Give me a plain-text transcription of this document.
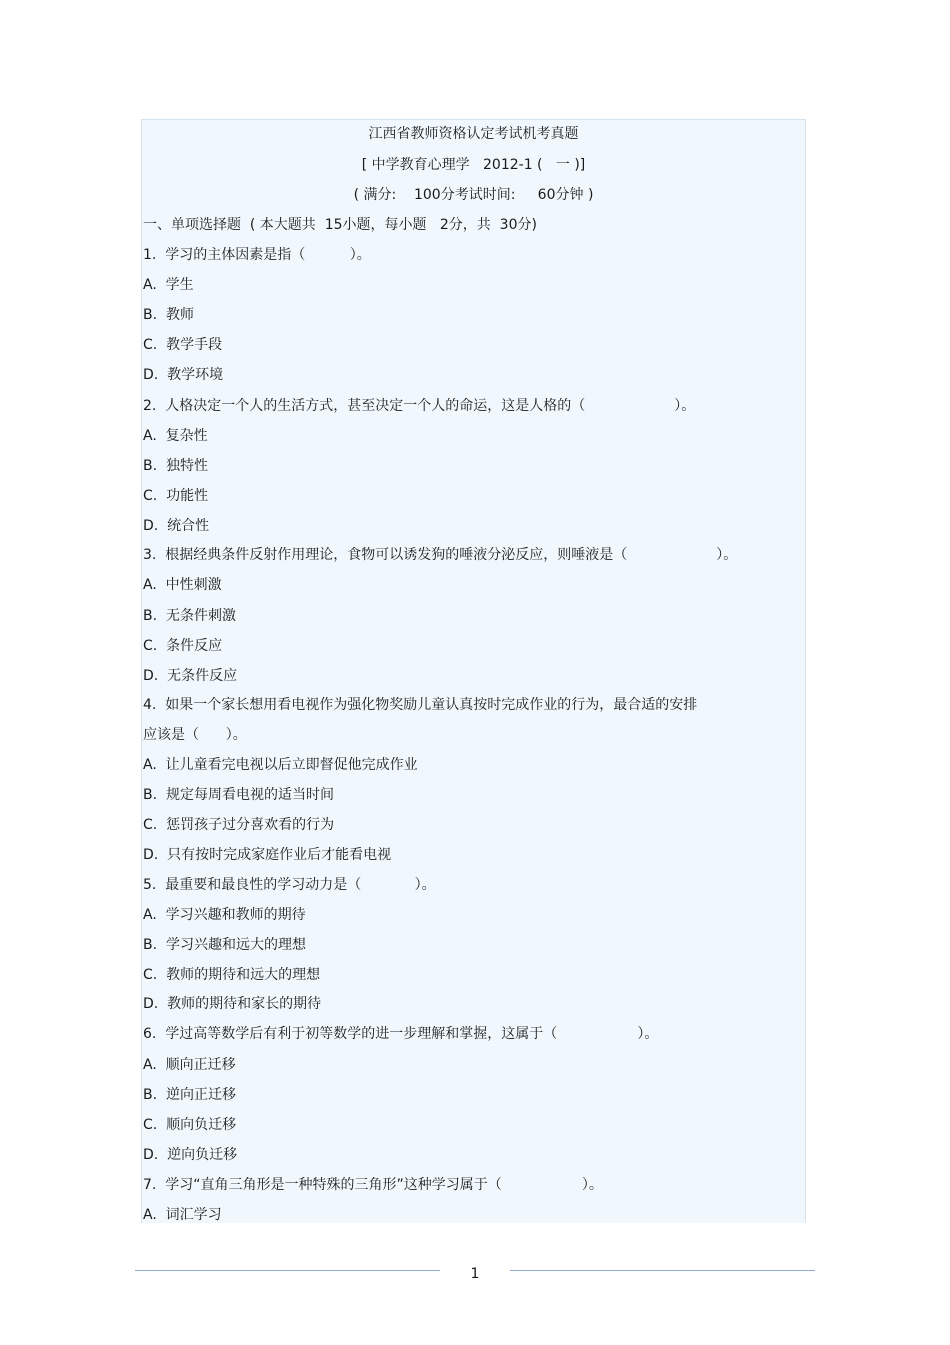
江西省教师资格认定考试机考真题
[ 中学教育心理学   2012-1 (   一 )]
( 满分:    100分考试时间:     60分钟 )
一、单项选择题  ( 本大题共  15小题，每小题   2分，共  30分)
1.  学习的主体因素是指（          ）。
A.  学生
B.  教师
C.  教学手段
D.  教学环境
2.  人格决定一个人的生活方式，甚至决定一个人的命运，这是人格的（                    ）。
A.  复杂性
B.  独特性
C.  功能性
D.  统合性
3.  根据经典条件反射作用理论，食物可以诱发狗的唾液分泌反应，则唾液是（                    ）。
A.  中性刺激
B.  无条件刺激
C.  条件反应
D.  无条件反应
4.  如果一个家长想用看电视作为强化物奖励儿童认真按时完成作业的行为，最合适的安排
应该是（      ）。
A.  让儿童看完电视以后立即督促他完成作业
B.  规定每周看电视的适当时间
C.  惩罚孩子过分喜欢看的行为
D.  只有按时完成家庭作业后才能看电视
5.  最重要和最良性的学习动力是（            ）。
A.  学习兴趣和教师的期待
B.  学习兴趣和远大的理想
C.  教师的期待和远大的理想
D.  教师的期待和家长的期待
6.  学过高等数学后有利于初等数学的进一步理解和掌握，这属于（                  ）。
A.  顺向正迁移
B.  逆向正迁移
C.  顺向负迁移
D.  逆向负迁移
7.  学习“直角三角形是一种特殊的三角形”这种学习属于（                  ）。
A.  词汇学习
1
